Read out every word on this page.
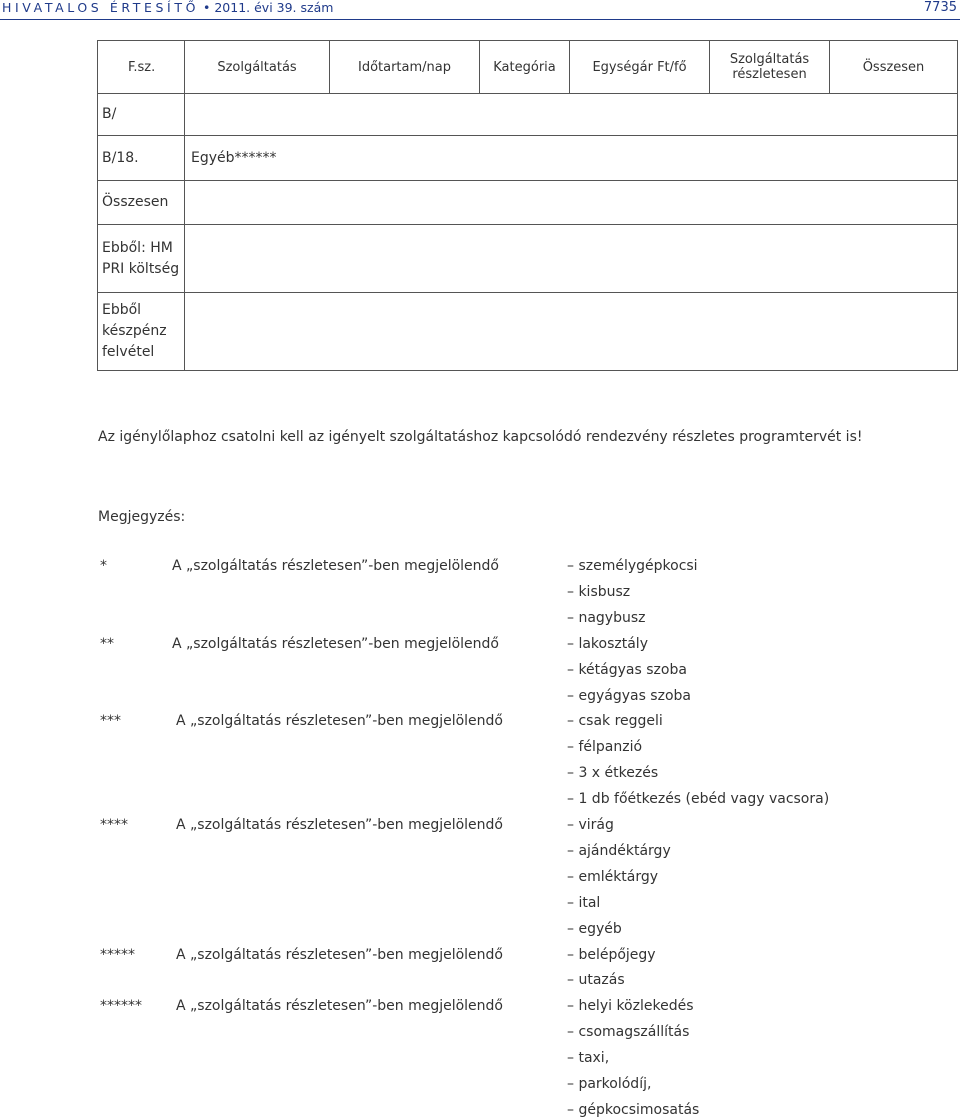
HIVATALOS ÉRTESÍTŐ • 2011. évi 39. szám	7735
F.sz.	Szolgáltatás	Időtartam/nap	Kategória	Egységár Ft/fő	Szolgáltatás részletesen	Összesen
B/						
B/18.	Egyéb******					
Összesen						
Ebből: HM PRI költség						
Ebből készpénz felvétel						
Az igénylőlaphoz csatolni kell az igényelt szolgáltatáshoz kapcsolódó rendezvény részletes programtervét is!
Megjegyzés:
*	A „szolgáltatás részletesen”-ben megjelölendő	– személygépkocsi
– kisbusz
– nagybusz
**	A „szolgáltatás részletesen”-ben megjelölendő	– lakosztály
– kétágyas szoba
– egyágyas szoba
***	A „szolgáltatás részletesen”-ben megjelölendő	– csak reggeli
– félpanzió
– 3 x étkezés
– 1 db főétkezés (ebéd vagy vacsora)
****	A „szolgáltatás részletesen”-ben megjelölendő	– virág
– ajándéktárgy
– emléktárgy
– ital
– egyéb
*****	A „szolgáltatás részletesen”-ben megjelölendő	– belépőjegy
– utazás
****** A „szolgáltatás részletesen”-ben megjelölendő	– helyi közlekedés
– csomagszállítás
– taxi,
– parkolódíj,
– gépkocsimosatás
